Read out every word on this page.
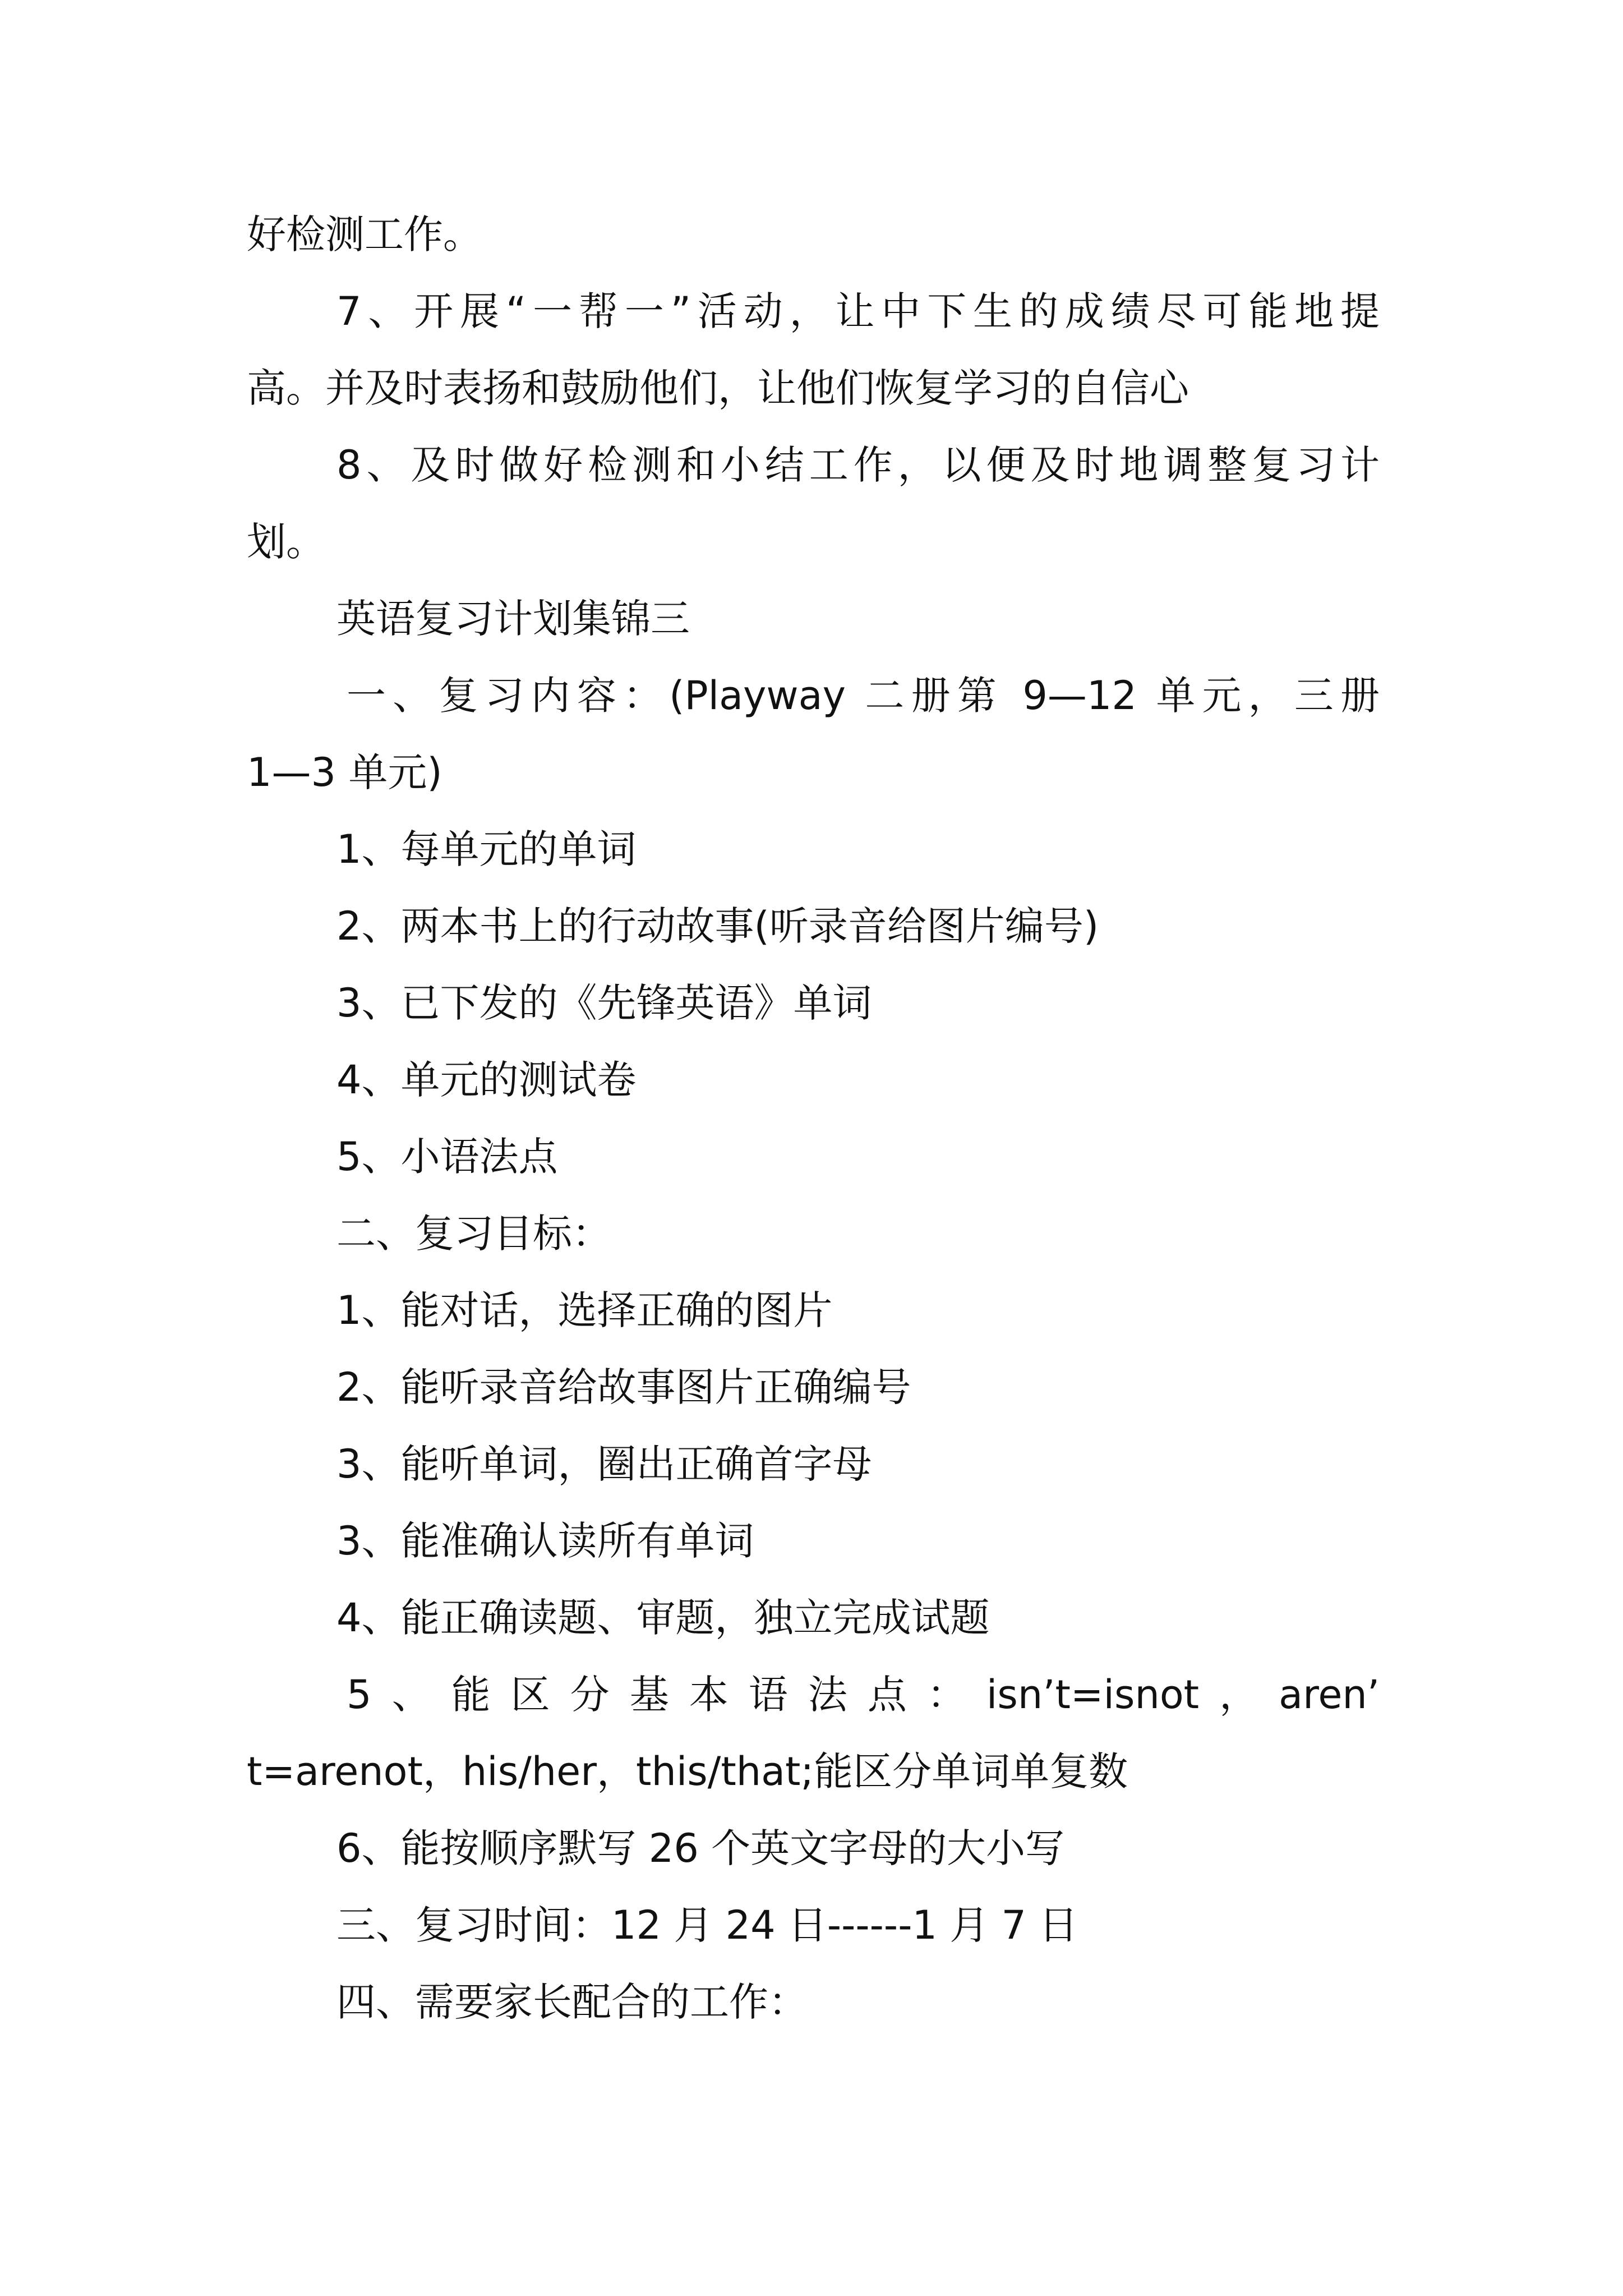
好检测工作。
7、开展“一帮一”活动，让中下生的成绩尽可能地提
高。并及时表扬和鼓励他们，让他们恢复学习的自信心
8、及时做好检测和小结工作，以便及时地调整复习计
划。
英语复习计划集锦三
一、复习内容：(Playway 二册第 9—12 单元，三册
1—3 单元)
1、每单元的单词
2、两本书上的行动故事(听录音给图片编号)
3、已下发的《先锋英语》单词
4、单元的测试卷
5、小语法点
二、复习目标：
1、能对话，选择正确的图片
2、能听录音给故事图片正确编号
3、能听单词，圈出正确首字母
3、能准确认读所有单词
4、能正确读题、审题，独立完成试题
5、能区分基本语法点：isn’t=isnot，aren’
t=arenot，his/her，this/that;能区分单词单复数
6、能按顺序默写 26 个英文字母的大小写
三、复习时间：12 月 24 日------1 月 7 日
四、需要家长配合的工作：
